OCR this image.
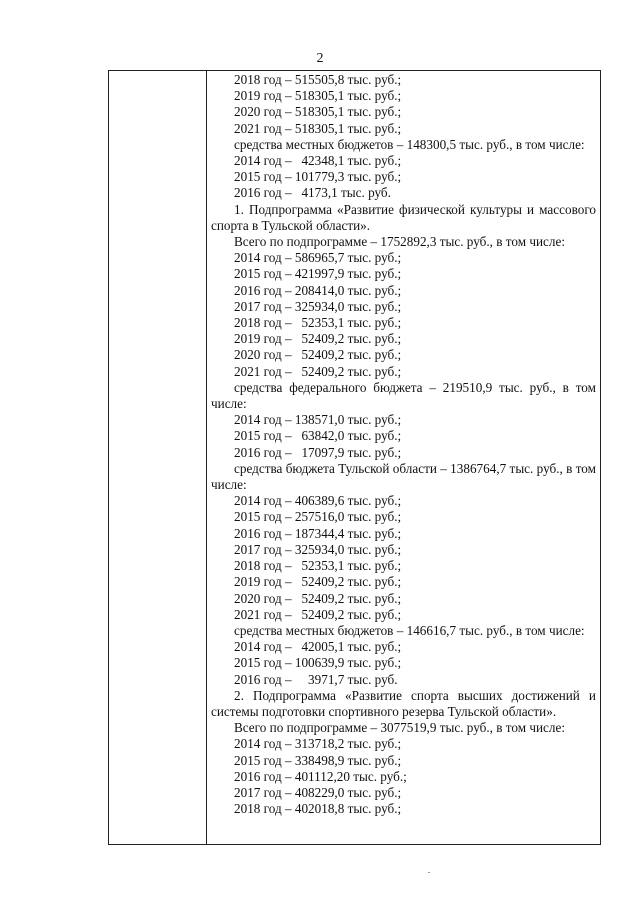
2
2018 год – 515505,8 тыс. руб.;
2019 год – 518305,1 тыс. руб.;
2020 год – 518305,1 тыс. руб.;
2021 год – 518305,1 тыс. руб.;
средства местных бюджетов – 148300,5 тыс. руб., в том числе:
2014 год –   42348,1 тыс. руб.;
2015 год – 101779,3 тыс. руб.;
2016 год –   4173,1 тыс. руб.
1. Подпрограмма «Развитие физической культуры и массового спорта в Тульской области».
Всего по подпрограмме – 1752892,3 тыс. руб., в том числе:
2014 год – 586965,7 тыс. руб.;
2015 год – 421997,9 тыс. руб.;
2016 год – 208414,0 тыс. руб.;
2017 год – 325934,0 тыс. руб.;
2018 год –   52353,1 тыс. руб.;
2019 год –   52409,2 тыс. руб.;
2020 год –   52409,2 тыс. руб.;
2021 год –   52409,2 тыс. руб.;
средства федерального бюджета – 219510,9 тыс. руб., в том числе:
2014 год – 138571,0 тыс. руб.;
2015 год –   63842,0 тыс. руб.;
2016 год –   17097,9 тыс. руб.;
средства бюджета Тульской области – 1386764,7 тыс. руб., в том числе:
2014 год – 406389,6 тыс. руб.;
2015 год – 257516,0 тыс. руб.;
2016 год – 187344,4 тыс. руб.;
2017 год – 325934,0 тыс. руб.;
2018 год –   52353,1 тыс. руб.;
2019 год –   52409,2 тыс. руб.;
2020 год –   52409,2 тыс. руб.;
2021 год –   52409,2 тыс. руб.;
средства местных бюджетов – 146616,7 тыс. руб., в том числе:
2014 год –   42005,1 тыс. руб.;
2015 год – 100639,9 тыс. руб.;
2016 год –     3971,7 тыс. руб.
2. Подпрограмма «Развитие спорта высших достижений и системы подготовки спортивного резерва Тульской области».
Всего по подпрограмме – 3077519,9 тыс. руб., в том числе:
2014 год – 313718,2 тыс. руб.;
2015 год – 338498,9 тыс. руб.;
2016 год – 401112,20 тыс. руб.;
2017 год – 408229,0 тыс. руб.;
2018 год – 402018,8 тыс. руб.;
